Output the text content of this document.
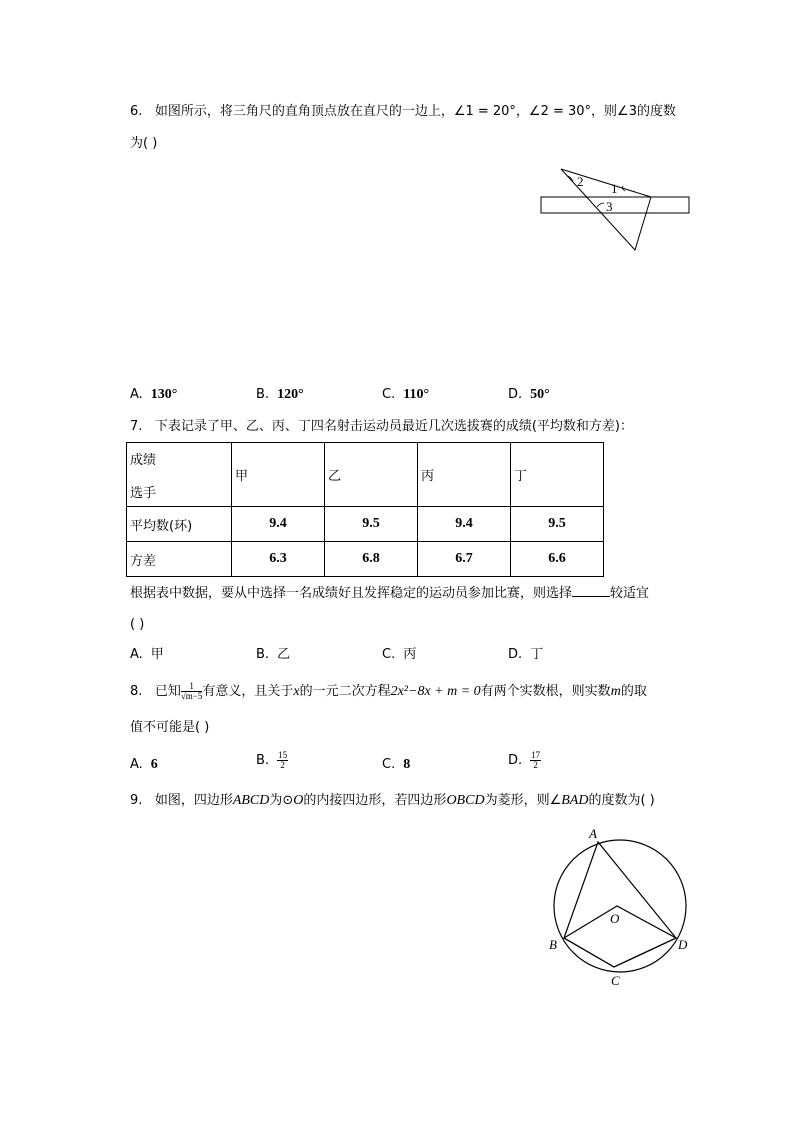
6. 如图所示，将三角尺的直角顶点放在直尺的一边上，∠1 = 20°，∠2 = 30°，则∠3的度数
为( )
2 1
3
A. 130°	B. 120°	C. 110°	D. 50°
7. 下表记录了甲、乙、丙、丁四名射击运动员最近几次选拔赛的成绩(平均数和方差)：
成绩
选手	甲	乙	丙	丁
平均数(环)	9.4	9.5	9.4	9.5
方差	6.3	6.8	6.7	6.6
根据表中数据，要从中选择一名成绩好且发挥稳定的运动员参加比赛，则选择	较适宜
( )
A. 甲	B. 乙	C. 丙	D. 丁
8. 已知 $\frac{1}{√m-5}$ 有意义，且关于x的一元二次方程2x²−8x + m = 0有两个实数根，则实数m的取
值不可能是( )
A. 6	B. $\frac{15}{2}$	C. 8	D. $\frac{17}{2}$
9. 如图，四边形ABCD为⊙O的内接四边形，若四边形OBCD为菱形，则∠BAD的度数为( )
A
O
B
C
D
